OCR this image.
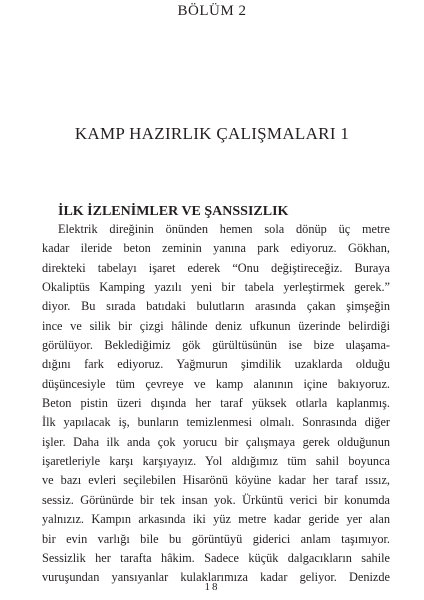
BÖLÜM 2
KAMP HAZIRLIK ÇALIŞMALARI 1
İLK İZLENİMLER VE ŞANSSIZLIK
Elektrik direğinin önünden hemen sola dönüp üç metre
kadar ileride beton zeminin yanına park ediyoruz. Gökhan,
direkteki tabelayı işaret ederek “Onu değiştireceğiz. Buraya
Okaliptüs Kamping yazılı yeni bir tabela yerleştirmek gerek.”
diyor. Bu sırada batıdaki bulutların arasında çakan şimşeğin
ince ve silik bir çizgi hâlinde deniz ufkunun üzerinde belirdiği
görülüyor. Beklediğimiz gök gürültüsünün ise bize ulaşama-
dığını fark ediyoruz. Yağmurun şimdilik uzaklarda olduğu
düşüncesiyle tüm çevreye ve kamp alanının içine bakıyoruz.
Beton pistin üzeri dışında her taraf yüksek otlarla kaplanmış.
İlk yapılacak iş, bunların temizlenmesi olmalı. Sonrasında diğer
işler. Daha ilk anda çok yorucu bir çalışmaya gerek olduğunun
işaretleriyle karşı karşıyayız. Yol aldığımız tüm sahil boyunca
ve bazı evleri seçilebilen Hisarönü köyüne kadar her taraf ıssız,
sessiz. Görünürde bir tek insan yok. Ürküntü verici bir konumda
yalnızız. Kampın arkasında iki yüz metre kadar geride yer alan
bir evin varlığı bile bu görüntüyü giderici anlam taşımıyor.
Sessizlik her tarafta hâkim. Sadece küçük dalgacıkların sahile
vuruşundan yansıyanlar kulaklarımıza kadar geliyor. Denizde
18
